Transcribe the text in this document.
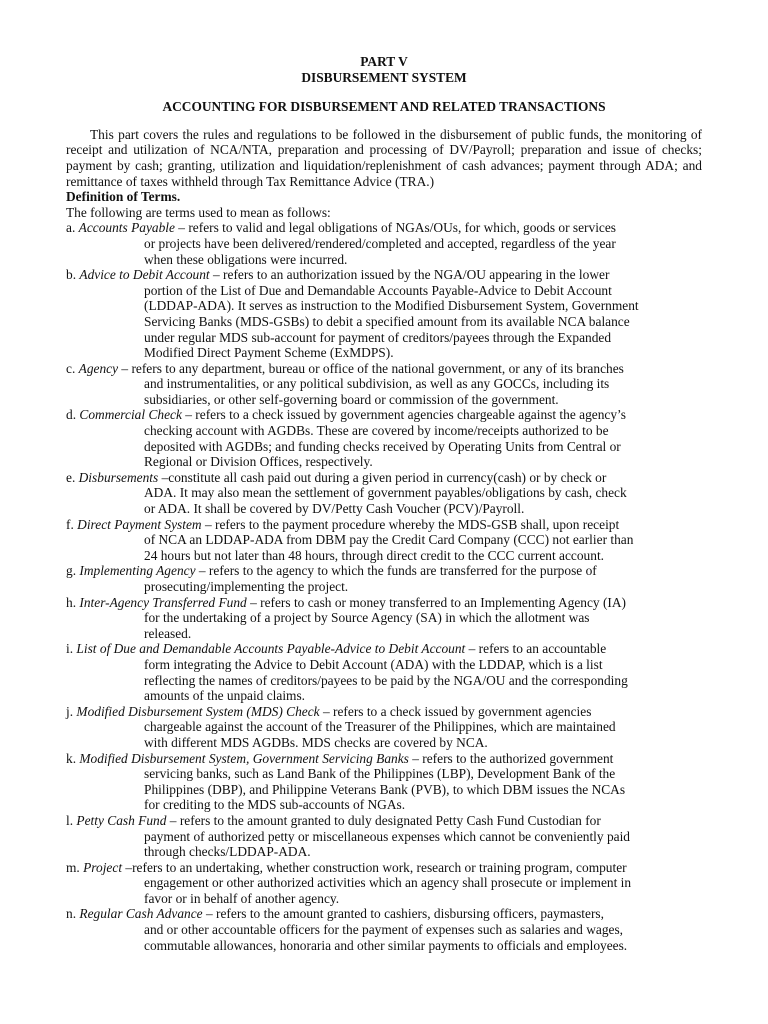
PART V

DISBURSEMENT SYSTEM

ACCOUNTING FOR DISBURSEMENT AND RELATED TRANSACTIONS

This part covers the rules and regulations to be followed in the disbursement of public funds, the monitoring of receipt and utilization of NCA/NTA, preparation and processing of DV/Payroll; preparation and issue of checks; payment by cash; granting, utilization and liquidation/replenishment of cash advances; payment through ADA; and remittance of taxes withheld through Tax Remittance Advice (TRA.)

Definition of Terms.

The following are terms used to mean as follows:

a. Accounts Payable – refers to valid and legal obligations of NGAs/OUs, for which, goods or services
or projects have been delivered/rendered/completed and accepted, regardless of the year
when these obligations were incurred.
b. Advice to Debit Account – refers to an authorization issued by the NGA/OU appearing in the lower
portion of the List of Due and Demandable Accounts Payable-Advice to Debit Account
(LDDAP-ADA). It serves as instruction to the Modified Disbursement System, Government
Servicing Banks (MDS-GSBs) to debit a specified amount from its available NCA balance
under regular MDS sub-account for payment of creditors/payees through the Expanded
Modified Direct Payment Scheme (ExMDPS).
c. Agency – refers to any department, bureau or office of the national government, or any of its branches
and instrumentalities, or any political subdivision, as well as any GOCCs, including its
subsidiaries, or other self-governing board or commission of the government.
d. Commercial Check – refers to a check issued by government agencies chargeable against the agency’s
checking account with AGDBs. These are covered by income/receipts authorized to be
deposited with AGDBs; and funding checks received by Operating Units from Central or
Regional or Division Offices, respectively.
e. Disbursements –constitute all cash paid out during a given period in currency(cash) or by check or
ADA. It may also mean the settlement of government payables/obligations by cash, check
or ADA. It shall be covered by DV/Petty Cash Voucher (PCV)/Payroll.
f. Direct Payment System – refers to the payment procedure whereby the MDS-GSB shall, upon receipt
of NCA an LDDAP-ADA from DBM pay the Credit Card Company (CCC) not earlier than
24 hours but not later than 48 hours, through direct credit to the CCC current account.
g. Implementing Agency – refers to the agency to which the funds are transferred for the purpose of
prosecuting/implementing the project.
h. Inter-Agency Transferred Fund – refers to cash or money transferred to an Implementing Agency (IA)
for the undertaking of a project by Source Agency (SA) in which the allotment was
released.
i. List of Due and Demandable Accounts Payable-Advice to Debit Account – refers to an accountable
form integrating the Advice to Debit Account (ADA) with the LDDAP, which is a list
reflecting the names of creditors/payees to be paid by the NGA/OU and the corresponding
amounts of the unpaid claims.
j. Modified Disbursement System (MDS) Check – refers to a check issued by government agencies
chargeable against the account of the Treasurer of the Philippines, which are maintained
with different MDS AGDBs. MDS checks are covered by NCA.
k. Modified Disbursement System, Government Servicing Banks – refers to the authorized government
servicing banks, such as Land Bank of the Philippines (LBP), Development Bank of the
Philippines (DBP), and Philippine Veterans Bank (PVB), to which DBM issues the NCAs
for crediting to the MDS sub-accounts of NGAs.
l. Petty Cash Fund – refers to the amount granted to duly designated Petty Cash Fund Custodian for
payment of authorized petty or miscellaneous expenses which cannot be conveniently paid
through checks/LDDAP-ADA.
m. Project –refers to an undertaking, whether construction work, research or training program, computer
engagement or other authorized activities which an agency shall prosecute or implement in
favor or in behalf of another agency.
n. Regular Cash Advance – refers to the amount granted to cashiers, disbursing officers, paymasters,
and or other accountable officers for the payment of expenses such as salaries and wages,
commutable allowances, honoraria and other similar payments to officials and employees.
